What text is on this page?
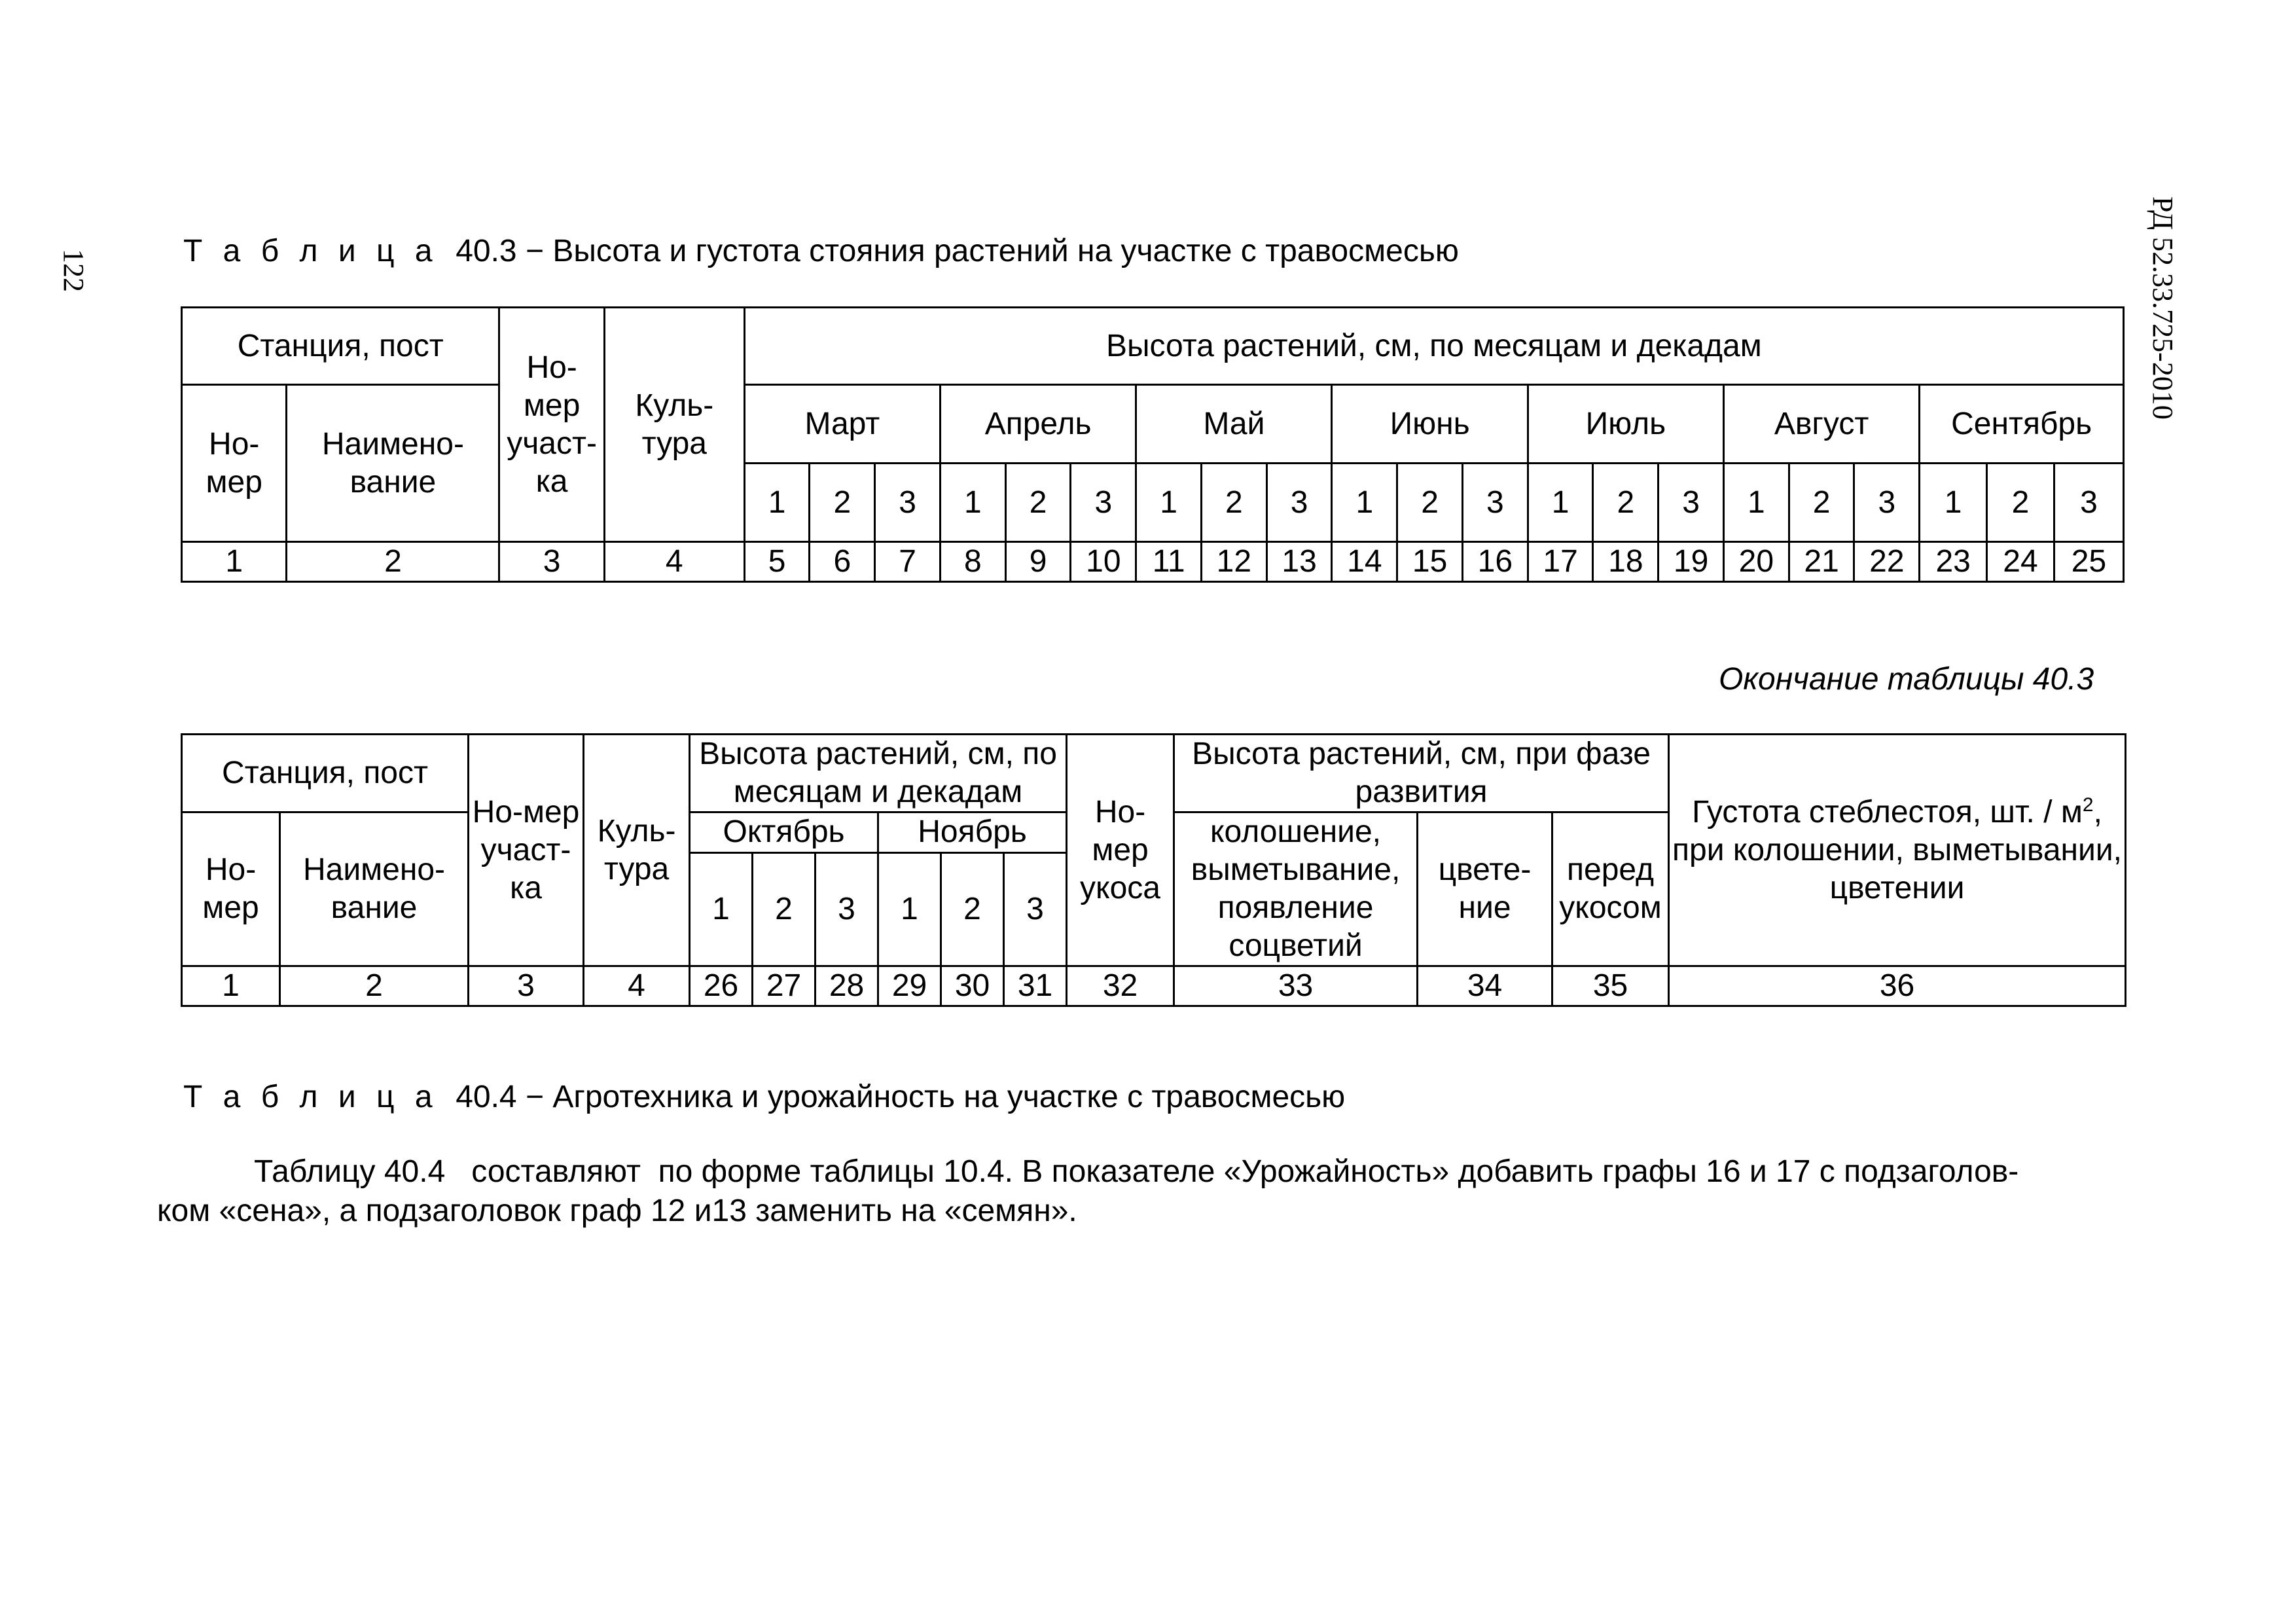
122	РД 52.33.725-2010
Т а б л и ц а 40.3 − Высота и густота стояния растений на участке с травосмесью
Станция, пост		Но-мер участ-ка	Куль-тура	Высота растений, см, по месяцам и декадам																				
Но-мер	Наимено-вание			Март			Апрель			Май			Июнь			Июль			Август			Сентябрь		
				1	2	3	1	2	3	1	2	3	1	2	3	1	2	3	1	2	3	1	2	3
1	2	3	4	5	6	7	8	9	10	11	12	13	14	15	16	17	18	19	20	21	22	23	24	25
Окончание таблицы 40.3
Станция, пост		Но-мер участ-ка	Куль-тура	Высота растений, см, по месяцам и декадам						Но-мер укоса	Высота растений, см, при фазе развития			Густота стеблестоя, шт. / $м^2$, при колошении, выметывании, цветении
Но-мер	Наимено-вание			Октябрь			Ноябрь				колошение, выметывание, появление соцветий	цвете-ние	перед укосом	
				1	2	3	1	2	3					
1	2	3	4	26	27	28	29	30	31	32	33	34	35	36
Т а б л и ц а 40.4 − Агротехника и урожайность на участке с травосмесью
Таблицу 40.4   составляют  по форме таблицы 10.4. В показателе «Урожайность» добавить графы 16 и 17 с подзаголов-
ком «сена», а подзаголовок граф 12 и13 заменить на «семян».
